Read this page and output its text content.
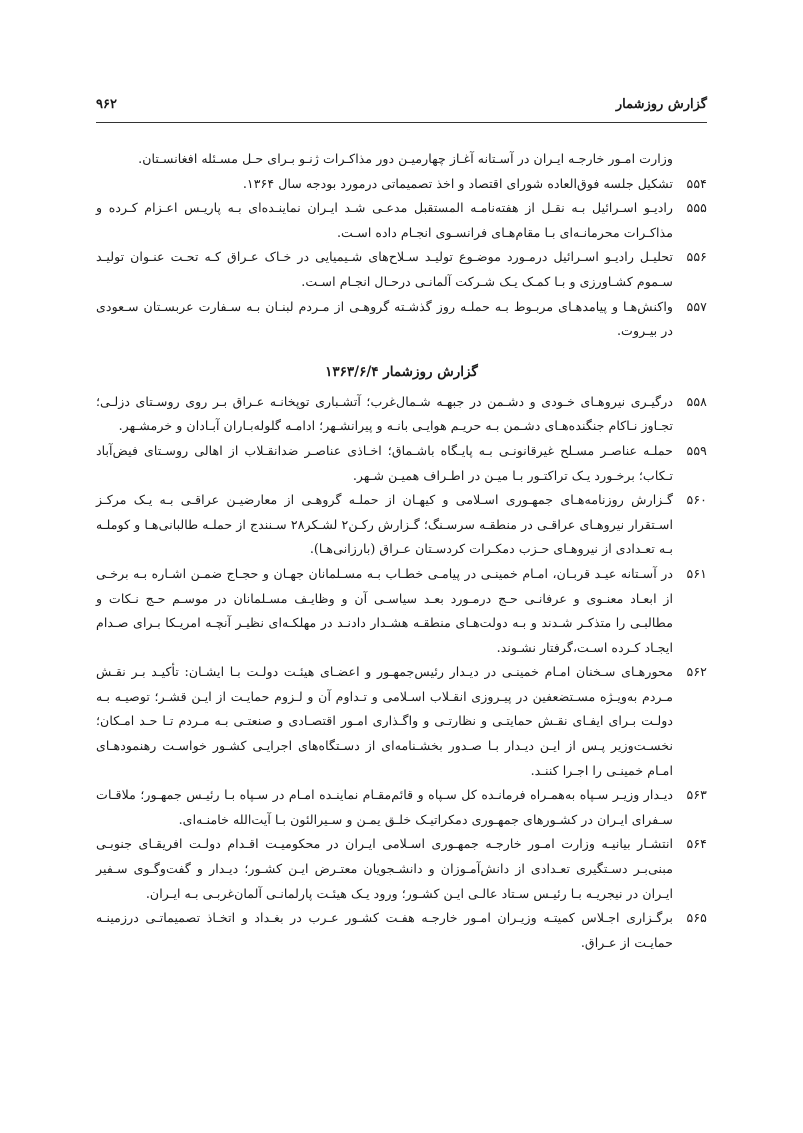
گزارش روزشمار
۹۶۲
وزارت امـور خارجـه ایـران در آسـتانه آغـاز چهارمیـن دور مذاکـرات ژنـو بـرای حـل مسـئله افغانسـتان.
۵۵۴
تشکیل جلسه فوق‌العاده شورای اقتصاد و اخذ تصمیماتی درمورد بودجه سال ۱۳۶۴.
۵۵۵
رادیـو اسـرائیل بـه نقـل از هفته‌نامـه المستقبل مدعـی شـد ایـران نماینـده‌ای بـه پاریـس اعـزام کـرده و مذاکـرات محرمانـه‌ای بـا مقام‌هـای فرانسـوی انجـام داده اسـت.
۵۵۶
تحلیـل رادیـو اسـرائیل درمـورد موضـوع تولیـد سـلاح‌های شـیمیایی در خـاک عـراق کـه تحـت عنـوان تولیـد سـموم کشـاورزی و بـا کمـک یـک شـرکت آلمانـی درحـال انجـام اسـت.
۵۵۷
واکنش‌هـا و پیامدهـای مربـوط بـه حملـه روز گذشـته گروهـی از مـردم لبنـان بـه سـفارت عربسـتان سـعودی در بیـروت.
گزارش روزشمار ۱۳۶۳/۶/۴
۵۵۸
درگیـری نیروهـای خـودی و دشـمن در جبهـه شـمال‌غرب؛ آتشـباری توپخانـه عـراق بـر روی روسـتای دزلـی؛ تجـاوز نـاکام جنگنده‌هـای دشـمن بـه حریـم هوایـی بانـه و پیرانشـهر؛ ادامـه گلوله‌بـاران آبـادان و خرمشـهر.
۵۵۹
حملـه عناصـر مسـلح غیرقانونـی بـه پایـگاه باشـماق؛ اخـاذی عناصـر ضدانقـلاب از اهالی روسـتای فیض‌آباد تـکاب؛ برخـورد یـک تراکتـور بـا میـن در اطـراف همیـن شـهر.
۵۶۰
گـزارش روزنامه‌هـای جمهـوری اسـلامی و کیهـان از حملـه گروهـی از معارضیـن عراقـی بـه یـک مرکـز اسـتقرار نیروهـای عراقـی در منطقـه سرسـنگ؛ گـزارش رکـن۲ لشـکر۲۸ سـنندج از حملـه طالبانی‌هـا و کوملـه بـه تعـدادی از نیروهـای حـزب دمکـرات کردسـتان عـراق (بارزانی‌هـا).
۵۶۱
در آسـتانه عیـد قربـان، امـام خمینـی در پیامـی خطـاب بـه مسـلمانان جهـان و حجـاج ضمـن اشـاره بـه برخـی از ابعـاد معنـوی و عرفانـی حـج درمـورد بعـد سیاسـی آن و وظایـف مسـلمانان در موسـم حـج نـکات و مطالبـی را متذکـر شـدند و بـه دولت‌هـای منطقـه هشـدار دادنـد در مهلکـه‌ای نظیـر آنچـه امریـکا بـرای صـدام ایجـاد کـرده اسـت،گرفتار نشـوند.
۵۶۲
محورهـای سـخنان امـام خمینـی در دیـدار رئیس‌جمهـور و اعضـای هیئـت دولـت بـا ایشـان: تأکیـد بـر نقـش مـردم به‌ویـژه مسـتضعفین در پیـروزی انقـلاب اسـلامی و تـداوم آن و لـزوم حمایـت از ایـن قشـر؛ توصیـه بـه دولـت بـرای ایفـای نقـش حمایتـی و نظارتـی و واگـذاری امـور اقتصـادی و صنعتـی بـه مـردم تـا حـد امـکان؛ نخسـت‌وزیر پـس از ایـن دیـدار بـا صـدور بخشـنامه‌ای از دسـتگاه‌های اجرایـی کشـور خواسـت رهنمودهـای امـام خمینـی را اجـرا کننـد.
۵۶۳
دیـدار وزیـر سـپاه به‌همـراه فرمانـده کل سـپاه و قائم‌مقـام نماینـده امـام در سـپاه بـا رئیـس جمهـور؛ ملاقـات سـفرای ایـران در کشـورهای جمهـوری دمکراتیـک خلـق یمـن و سـیرالئون بـا آیت‌الله خامنـه‌ای.
۵۶۴
انتشـار بیانیـه وزارت امـور خارجـه جمهـوری اسـلامی ایـران در محکومیـت اقـدام دولـت افریقـای جنوبـی مبنی‌بـر دسـتگیری تعـدادی از دانش‌آمـوزان و دانشـجویان معتـرض ایـن کشـور؛ دیـدار و گفت‌وگـوی سـفیر ایـران در نیجریـه بـا رئیـس سـتاد عالـی ایـن کشـور؛ ورود یـک هیئـت پارلمانـی آلمان‌غربـی بـه ایـران.
۵۶۵
برگـزاری اجـلاس کمیتـه وزیـران امـور خارجـه هفـت کشـور عـرب در بغـداد و اتخـاذ تصمیماتـی درزمینـه حمایـت از عـراق.
